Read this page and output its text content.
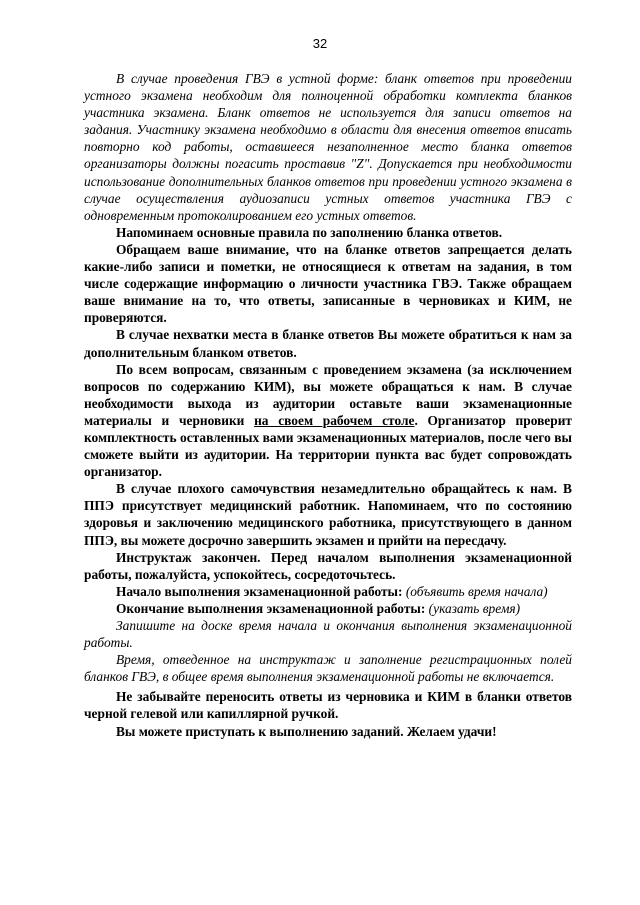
32

В случае проведения ГВЭ в устной форме: бланк ответов при проведении устного экзамена необходим для полноценной обработки комплекта бланков участника экзамена. Бланк ответов не используется для записи ответов на задания. Участнику экзамена необходимо в области для внесения ответов вписать повторно код работы, оставшееся незаполненное место бланка ответов организаторы должны погасить проставив "Z". Допускается при необходимости использование дополнительных бланков ответов при проведении устного экзамена в случае осуществления аудиозаписи устных ответов участника ГВЭ с одновременным протоколированием его устных ответов.

Напоминаем основные правила по заполнению бланка ответов.

Обращаем ваше внимание, что на бланке ответов запрещается делать какие-либо записи и пометки, не относящиеся к ответам на задания, в том числе содержащие информацию о личности участника ГВЭ. Также обращаем ваше внимание на то, что ответы, записанные в черновиках и КИМ, не проверяются.

В случае нехватки места в бланке ответов Вы можете обратиться к нам за дополнительным бланком ответов.

По всем вопросам, связанным с проведением экзамена (за исключением вопросов по содержанию КИМ), вы можете обращаться к нам. В случае необходимости выхода из аудитории оставьте ваши экзаменационные материалы и черновики на своем рабочем столе. Организатор проверит комплектность оставленных вами экзаменационных материалов, после чего вы сможете выйти из аудитории. На территории пункта вас будет сопровождать организатор.

В случае плохого самочувствия незамедлительно обращайтесь к нам. В ППЭ присутствует медицинский работник. Напоминаем, что по состоянию здоровья и заключению медицинского работника, присутствующего в данном ППЭ, вы можете досрочно завершить экзамен и прийти на пересдачу.

Инструктаж закончен. Перед началом выполнения экзаменационной работы, пожалуйста, успокойтесь, сосредоточьтесь.

Начало выполнения экзаменационной работы: (объявить время начала)

Окончание выполнения экзаменационной работы: (указать время)

Запишите на доске время начала и окончания выполнения экзаменационной работы.

Время, отведенное на инструктаж и заполнение регистрационных полей бланков ГВЭ, в общее время выполнения экзаменационной работы не включается.

Не забывайте переносить ответы из черновика и КИМ в бланки ответов черной гелевой или капиллярной ручкой.

Вы можете приступать к выполнению заданий. Желаем удачи!
